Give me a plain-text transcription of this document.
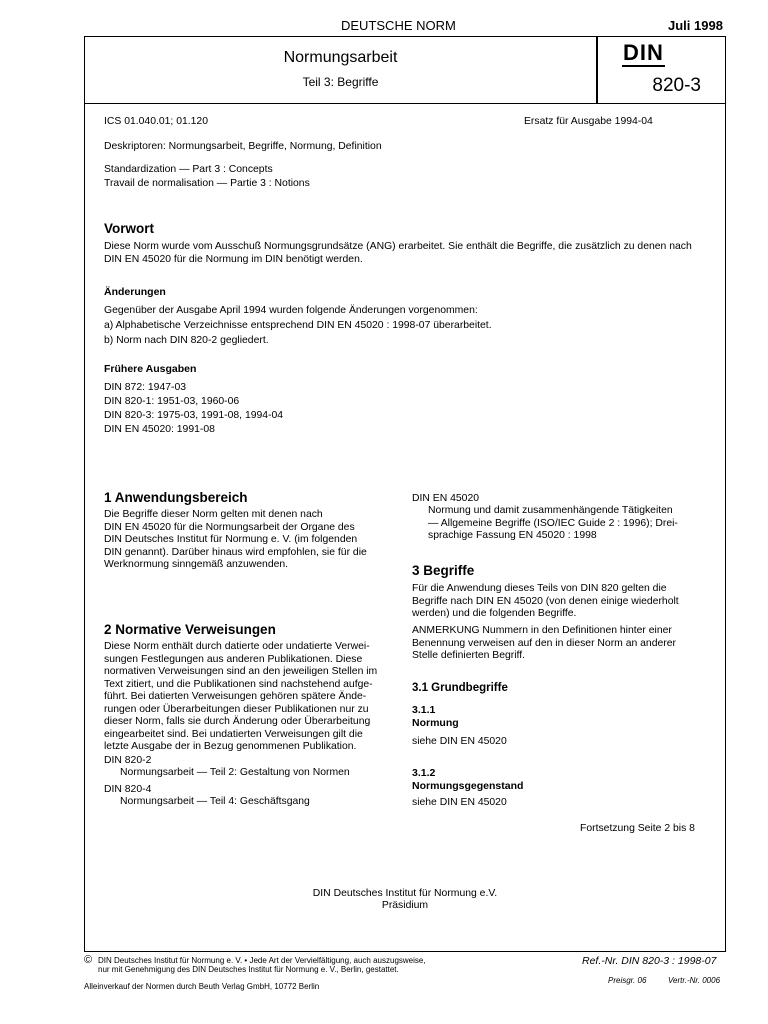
DEUTSCHE NORM	Juli 1998
Normungsarbeit
Teil 3: Begriffe
DIN
820-3
ICS 01.040.01; 01.120	Ersatz für Ausgabe 1994-04
Deskriptoren: Normungsarbeit, Begriffe, Normung, Definition
Standardization — Part 3 : Concepts
Travail de normalisation — Partie 3 : Notions
Vorwort
Diese Norm wurde vom Ausschuß Normungsgrundsätze (ANG) erarbeitet. Sie enthält die Begriffe, die zusätzlich zu denen nach DIN EN 45020 für die Normung im DIN benötigt werden.
Änderungen
Gegenüber der Ausgabe April 1994 wurden folgende Änderungen vorgenommen:
a) Alphabetische Verzeichnisse entsprechend DIN EN 45020 : 1998-07 überarbeitet.
b) Norm nach DIN 820-2 gegliedert.
Frühere Ausgaben
DIN 872: 1947-03
DIN 820-1: 1951-03, 1960-06
DIN 820-3: 1975-03, 1991-08, 1994-04
DIN EN 45020: 1991-08
1 Anwendungsbereich
Die Begriffe dieser Norm gelten mit denen nach
DIN EN 45020 für die Normungsarbeit der Organe des
DIN Deutsches Institut für Normung e. V. (im folgenden
DIN genannt). Darüber hinaus wird empfohlen, sie für die
Werknormung sinngemäß anzuwenden.
2 Normative Verweisungen
Diese Norm enthält durch datierte oder undatierte Verwei-
sungen Festlegungen aus anderen Publikationen. Diese
normativen Verweisungen sind an den jeweiligen Stellen im
Text zitiert, und die Publikationen sind nachstehend aufge-
führt. Bei datierten Verweisungen gehören spätere Ände-
rungen oder Überarbeitungen dieser Publikationen nur zu
dieser Norm, falls sie durch Änderung oder Überarbeitung
eingearbeitet sind. Bei undatierten Verweisungen gilt die
letzte Ausgabe der in Bezug genommenen Publikation.
DIN 820-2
Normungsarbeit — Teil 2: Gestaltung von Normen
DIN 820-4
Normungsarbeit — Teil 4: Geschäftsgang
DIN EN 45020
Normung und damit zusammenhängende Tätigkeiten
— Allgemeine Begriffe (ISO/IEC Guide 2 : 1996); Drei-
sprachige Fassung EN 45020 : 1998
3 Begriffe
Für die Anwendung dieses Teils von DIN 820 gelten die
Begriffe nach DIN EN 45020 (von denen einige wiederholt
werden) und die folgenden Begriffe.
ANMERKUNG Nummern in den Definitionen hinter einer
Benennung verweisen auf den in dieser Norm an anderer
Stelle definierten Begriff.
3.1 Grundbegriffe
3.1.1
Normung
siehe DIN EN 45020
3.1.2
Normungsgegenstand
siehe DIN EN 45020
Fortsetzung Seite 2 bis 8
DIN Deutsches Institut für Normung e.V.
Präsidium
© DIN Deutsches Institut für Normung e. V. • Jede Art der Vervielfältigung, auch auszugsweise,
nur mit Genehmigung des DIN Deutsches Institut für Normung e. V., Berlin, gestattet.
Alleinverkauf der Normen durch Beuth Verlag GmbH, 10772 Berlin
Ref.-Nr. DIN 820-3 : 1998-07
Preisgr. 06	Vertr.-Nr. 0006
